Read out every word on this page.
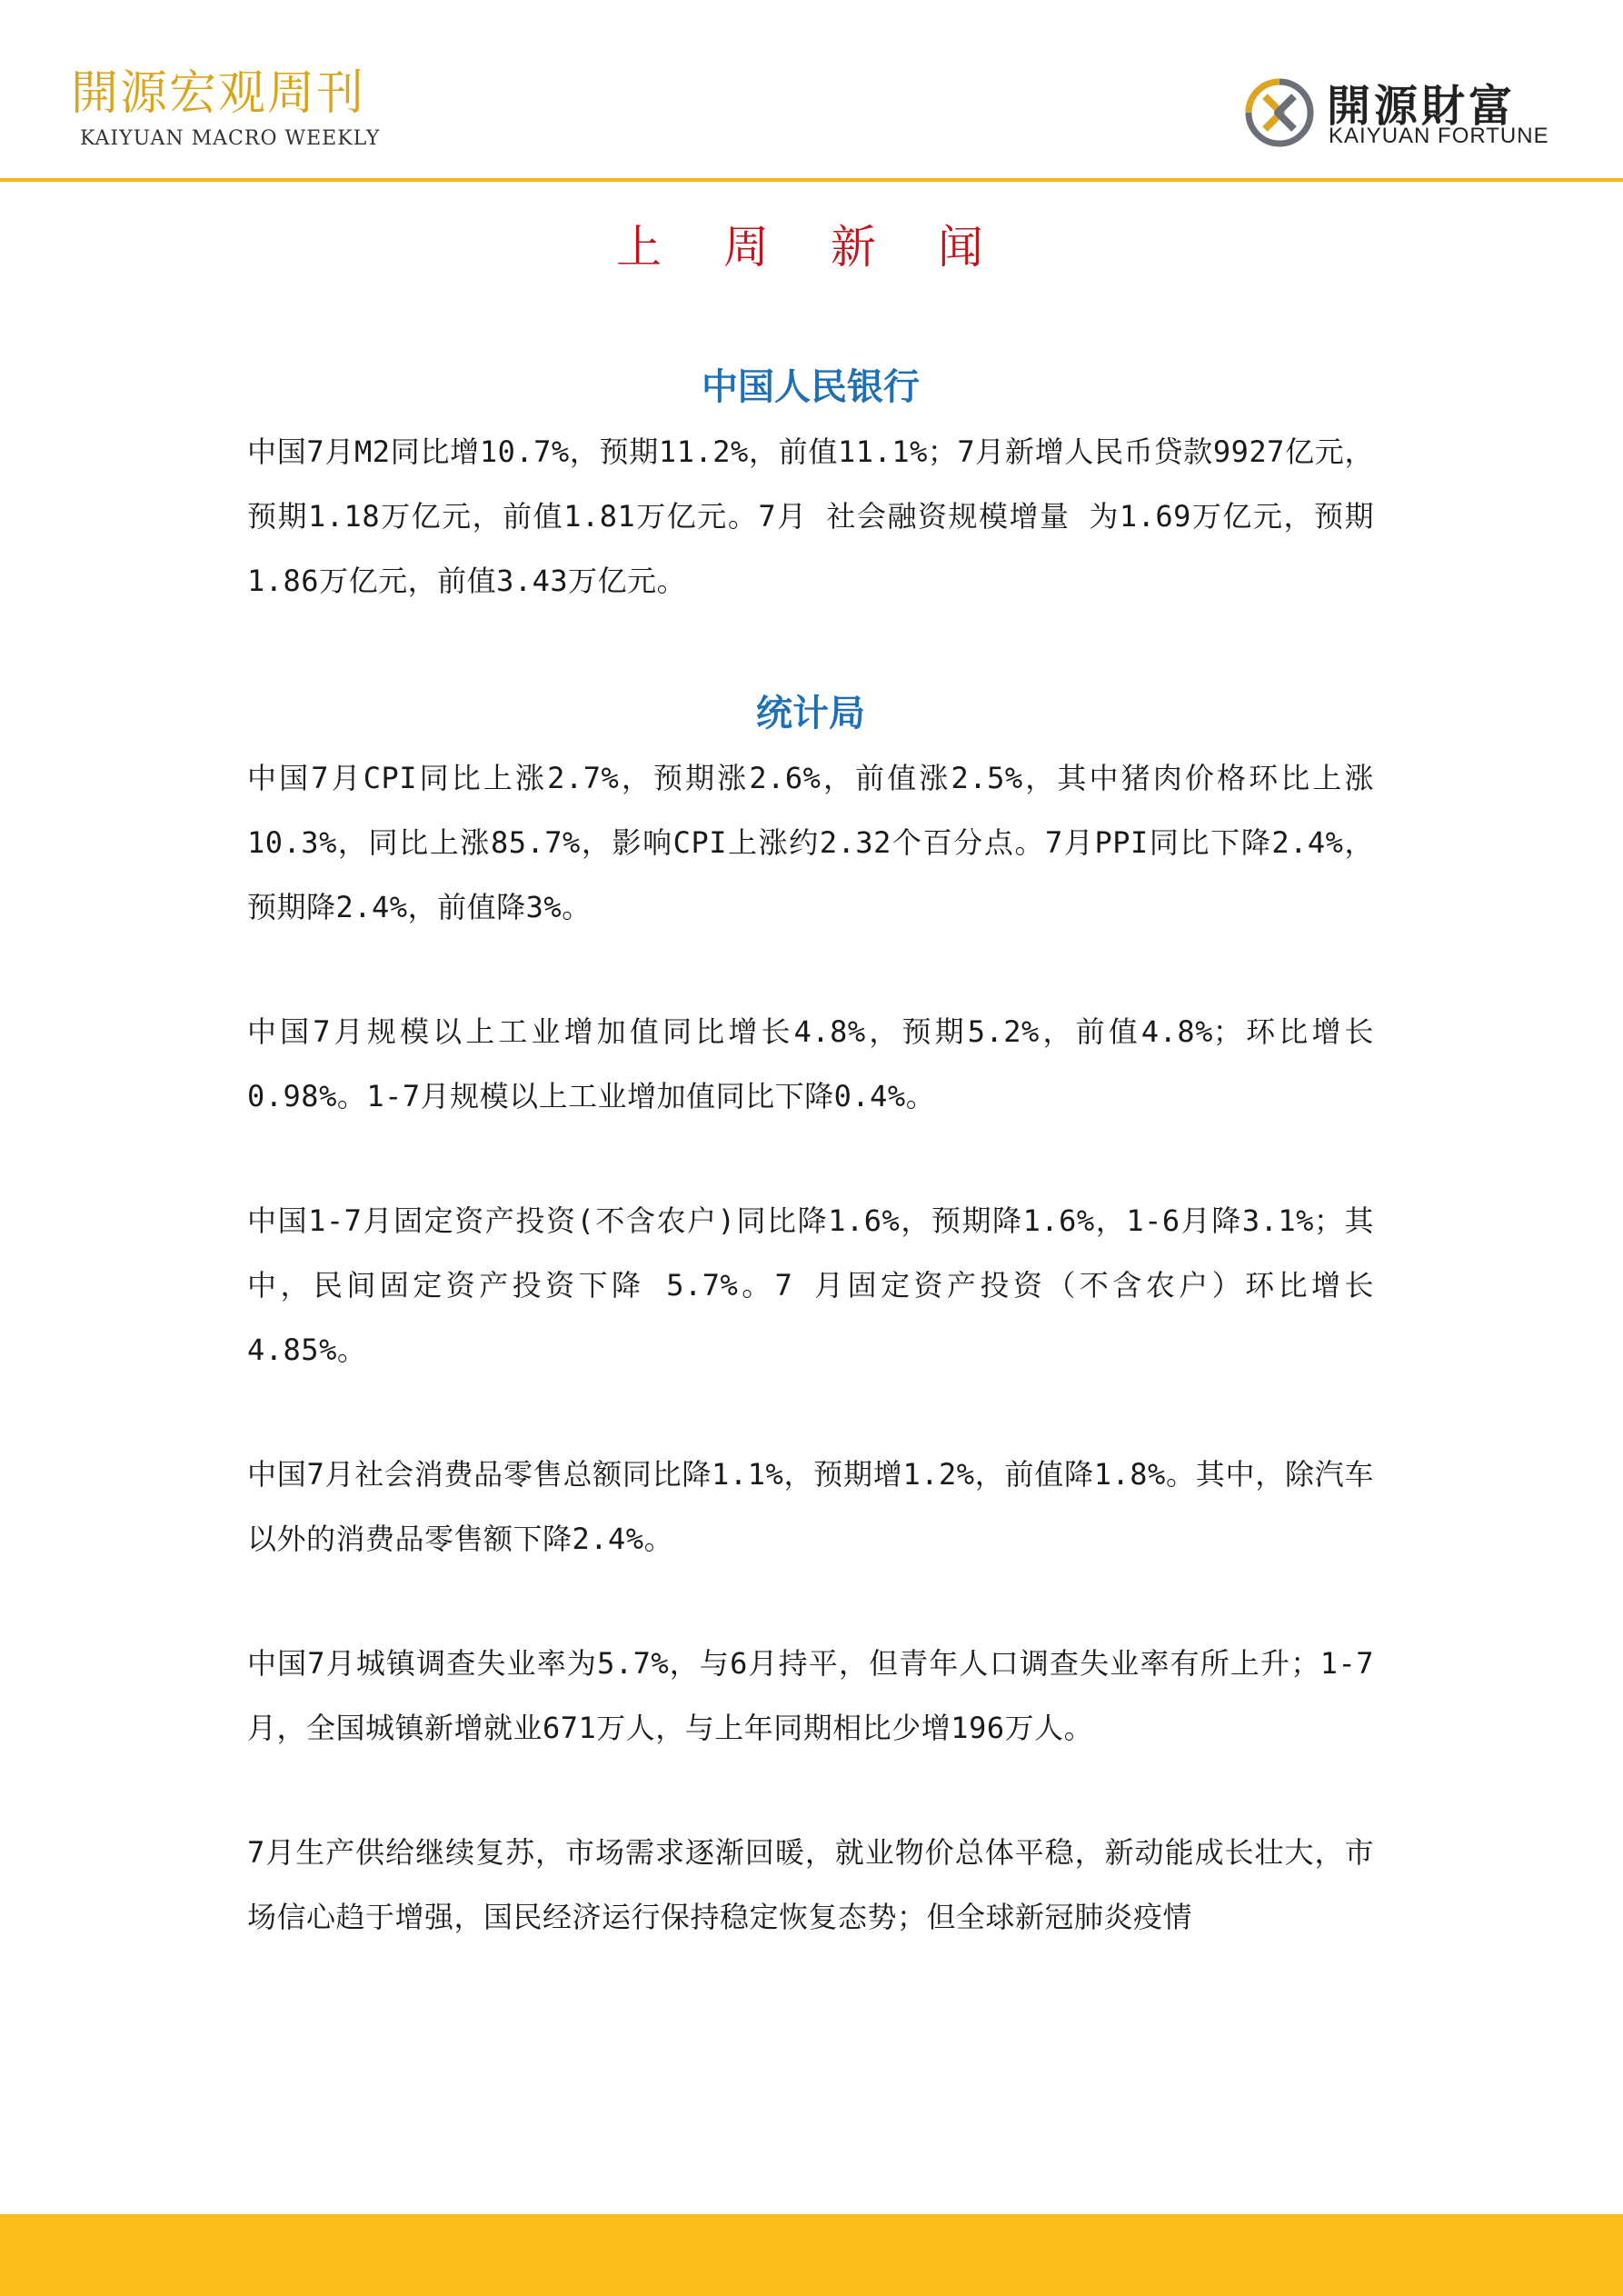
開源宏观周刊
KAIYUAN MACRO WEEKLY
開源財富
KAIYUAN FORTUNE
上 周 新 闻
中国人民银行

中国7月M2同比增10.7%，预期11.2%，前值11.1%；7月新增人民币贷款9927亿元，预期1.18万亿元，前值1.81万亿元。7月 社会融资规模增量 为1.69万亿元，预期1.86万亿元，前值3.43万亿元。

统计局

中国7月CPI同比上涨2.7%，预期涨2.6%，前值涨2.5%，其中猪肉价格环比上涨10.3%，同比上涨85.7%，影响CPI上涨约2.32个百分点。7月PPI同比下降2.4%，预期降2.4%，前值降3%。

中国7月规模以上工业增加值同比增长4.8%，预期5.2%，前值4.8%；环比增长0.98%。1-7月规模以上工业增加值同比下降0.4%。

中国1-7月固定资产投资(不含农户)同比降1.6%，预期降1.6%，1-6月降3.1%；其中，民间固定资产投资下降 5.7%。7 月固定资产投资（不含农户）环比增长4.85%。

中国7月社会消费品零售总额同比降1.1%，预期增1.2%，前值降1.8%。其中，除汽车以外的消费品零售额下降2.4%。

中国7月城镇调查失业率为5.7%，与6月持平，但青年人口调查失业率有所上升；1-7月，全国城镇新增就业671万人，与上年同期相比少增196万人。

7月生产供给继续复苏，市场需求逐渐回暖，就业物价总体平稳，新动能成长壮大，市场信心趋于增强，国民经济运行保持稳定恢复态势；但全球新冠肺炎疫情
